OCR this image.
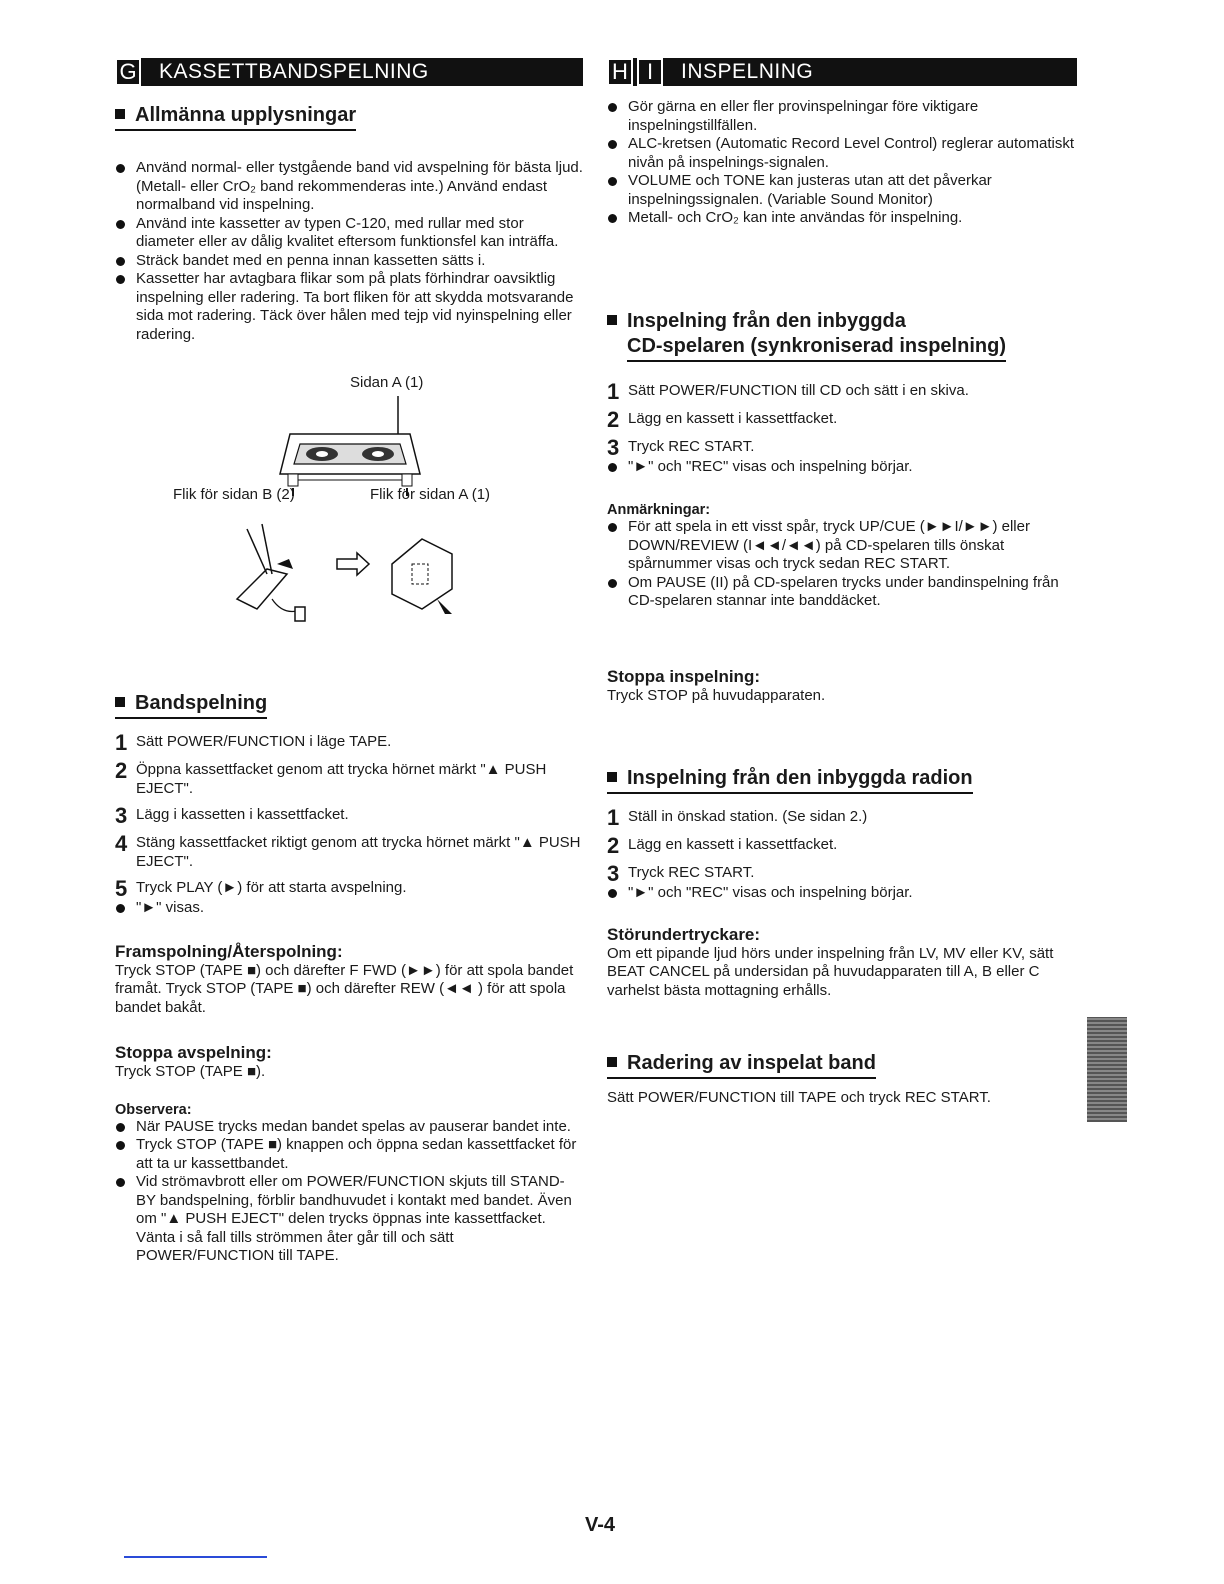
G	KASSETTBANDSPELNING
Allmänna upplysningar
Använd normal- eller tystgående band vid avspelning för bästa ljud. (Metall- eller CrO₂ band rekommenderas inte.) Använd endast normalband vid inspelning.
Använd inte kassetter av typen C-120, med rullar med stor diameter eller av dålig kvalitet eftersom funktionsfel kan inträffa.
Sträck bandet med en penna innan kassetten sätts i.
Kassetter har avtagbara flikar som på plats förhindrar oavsiktlig inspelning eller radering. Ta bort fliken för att skydda motsvarande sida mot radering. Täck över hålen med tejp vid nyinspelning eller radering.
Sidan A (1)
Flik för sidan B (2)	Flik för sidan A (1)
Bandspelning
1 Sätt POWER/FUNCTION i läge TAPE.
2 Öppna kassettfacket genom att trycka hörnet märkt "▲ PUSH EJECT".
3 Lägg i kassetten i kassettfacket.
4 Stäng kassettfacket riktigt genom att trycka hörnet märkt "▲ PUSH EJECT".
5 Tryck PLAY (►) för att starta avspelning.
"►" visas.
Framspolning/Återspolning:

Tryck STOP (TAPE ■) och därefter F FWD (►►) för att spola bandet framåt. Tryck STOP (TAPE ■) och därefter REW (◄◄ ) för att spola bandet bakåt.

Stoppa avspelning:

Tryck STOP (TAPE ■).

Observera:
När PAUSE trycks medan bandet spelas av pauserar bandet inte.
Tryck STOP (TAPE ■) knappen och öppna sedan kassettfacket för att ta ur kassettbandet.
Vid strömavbrott eller om POWER/FUNCTION skjuts till STAND-BY bandspelning, förblir bandhuvudet i kontakt med bandet. Även om "▲ PUSH EJECT" delen trycks öppnas inte kassettfacket. Vänta i så fall tills strömmen åter går till och sätt POWER/FUNCTION till TAPE.
H I	INSPELNING
Gör gärna en eller fler provinspelningar före viktigare inspelningstillfällen.
ALC-kretsen (Automatic Record Level Control) reglerar automatiskt nivån på inspelnings-signalen.
VOLUME och TONE kan justeras utan att det påverkar inspelningssignalen. (Variable Sound Monitor)
Metall- och CrO₂ kan inte användas för inspelning.
Inspelning från den inbyggda
CD-spelaren (synkroniserad inspelning)
1 Sätt POWER/FUNCTION till CD och sätt i en skiva.
2 Lägg en kassett i kassettfacket.
3 Tryck REC START.
"►" och "REC" visas och inspelning börjar.
Anmärkningar:
För att spela in ett visst spår, tryck UP/CUE (►►I/►►) eller DOWN/REVIEW (I◄◄/◄◄) på CD-spelaren tills önskat spårnummer visas och tryck sedan REC START.
Om PAUSE (II) på CD-spelaren trycks under bandinspelning från CD-spelaren stannar inte banddäcket.
Stoppa inspelning:

Tryck STOP på huvudapparaten.

Inspelning från den inbyggda radion
1 Ställ in önskad station. (Se sidan 2.)
2 Lägg en kassett i kassettfacket.
3 Tryck REC START.
"►" och "REC" visas och inspelning börjar.
Störundertryckare:

Om ett pipande ljud hörs under inspelning från LV, MV eller KV, sätt BEAT CANCEL på undersidan på huvudapparaten till A, B eller C varhelst bästa mottagning erhålls.

Radering av inspelat band

Sätt POWER/FUNCTION till TAPE och tryck REC START.

V-4
